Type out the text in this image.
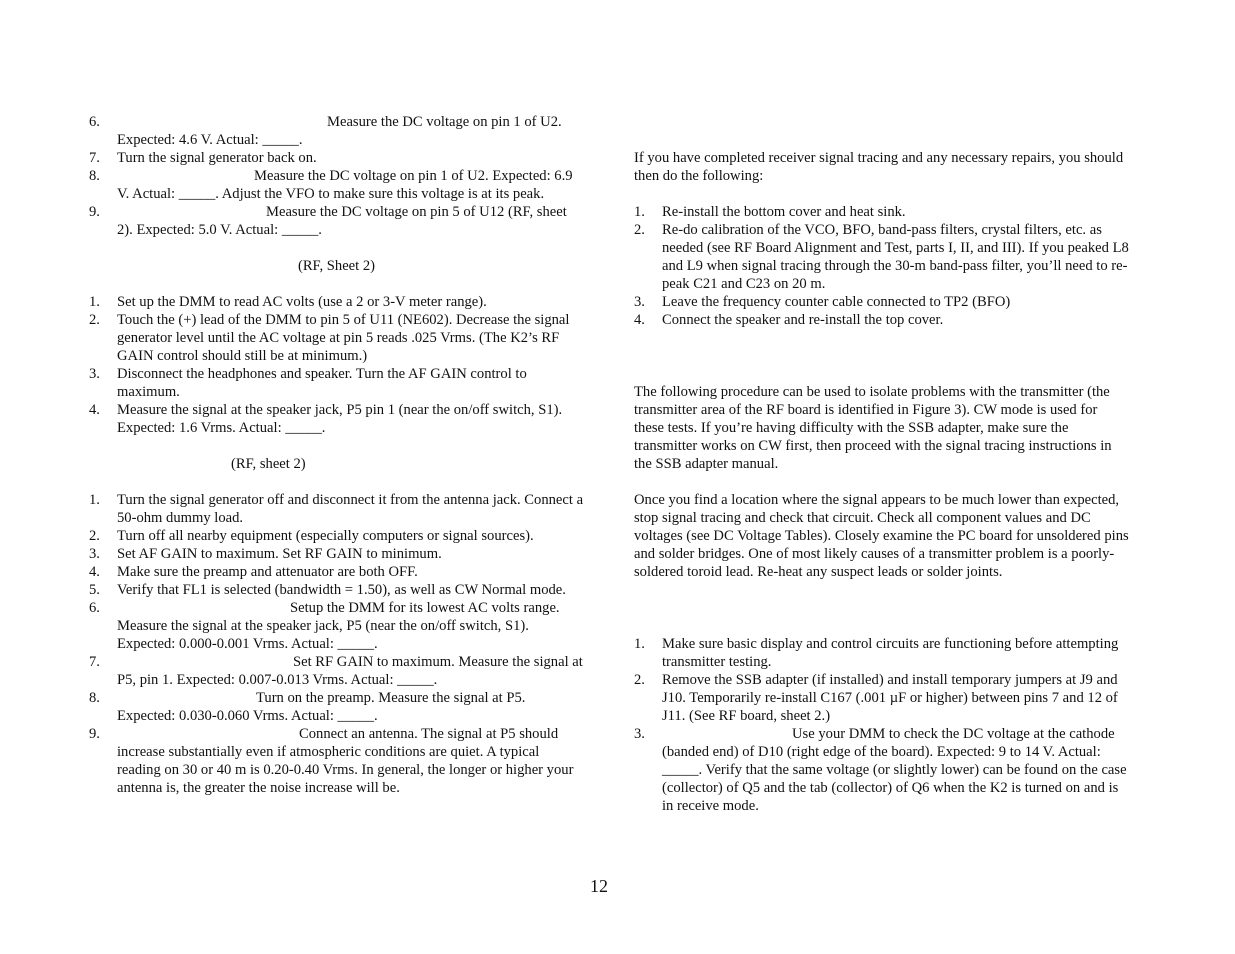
6.	Measure the DC voltage on pin 1 of U2. Expected: 4.6 V. Actual: _____.
7. Turn the signal generator back on.
8.	Measure the DC voltage on pin 1 of U2. Expected: 6.9 V. Actual: _____. Adjust the VFO to make sure this voltage is at its peak.
9.	Measure the DC voltage on pin 5 of U12 (RF, sheet 2). Expected: 5.0 V. Actual: _____.

(RF, Sheet 2)

1. Set up the DMM to read AC volts (use a 2 or 3-V meter range).
2. Touch the (+) lead of the DMM to pin 5 of U11 (NE602). Decrease the signal generator level until the AC voltage at pin 5 reads .025 Vrms. (The K2’s RF GAIN control should still be at minimum.)
3. Disconnect the headphones and speaker. Turn the AF GAIN control to maximum.
4. Measure the signal at the speaker jack, P5 pin 1 (near the on/off switch, S1). Expected: 1.6 Vrms. Actual: _____.

(RF, sheet 2)

1. Turn the signal generator off and disconnect it from the antenna jack. Connect a 50-ohm dummy load.
2. Turn off all nearby equipment (especially computers or signal sources).
3. Set AF GAIN to maximum. Set RF GAIN to minimum.
4. Make sure the preamp and attenuator are both OFF.
5. Verify that FL1 is selected (bandwidth = 1.50), as well as CW Normal mode.
6.	Setup the DMM for its lowest AC volts range. Measure the signal at the speaker jack, P5 (near the on/off switch, S1). Expected: 0.000-0.001 Vrms. Actual: _____.
7.	Set RF GAIN to maximum. Measure the signal at P5, pin 1. Expected: 0.007-0.013 Vrms. Actual: _____.
8.	Turn on the preamp. Measure the signal at P5. Expected: 0.030-0.060 Vrms. Actual: _____.
9.	Connect an antenna. The signal at P5 should increase substantially even if atmospheric conditions are quiet. A typical reading on 30 or 40 m is 0.20-0.40 Vrms. In general, the longer or higher your antenna is, the greater the noise increase will be.

If you have completed receiver signal tracing and any necessary repairs, you should then do the following:

1. Re-install the bottom cover and heat sink.
2. Re-do calibration of the VCO, BFO, band-pass filters, crystal filters, etc. as needed (see RF Board Alignment and Test, parts I, II, and III). If you peaked L8 and L9 when signal tracing through the 30-m band-pass filter, you’ll need to re-peak C21 and C23 on 20 m.
3. Leave the frequency counter cable connected to TP2 (BFO)
4. Connect the speaker and re-install the top cover.

The following procedure can be used to isolate problems with the transmitter (the transmitter area of the RF board is identified in Figure 3). CW mode is used for these tests. If you’re having difficulty with the SSB adapter, make sure the transmitter works on CW first, then proceed with the signal tracing instructions in the SSB adapter manual.

Once you find a location where the signal appears to be much lower than expected, stop signal tracing and check that circuit. Check all component values and DC voltages (see DC Voltage Tables). Closely examine the PC board for unsoldered pins and solder bridges. One of most likely causes of a transmitter problem is a poorly-soldered toroid lead. Re-heat any suspect leads or solder joints.

1. Make sure basic display and control circuits are functioning before attempting transmitter testing.
2. Remove the SSB adapter (if installed) and install temporary jumpers at J9 and J10. Temporarily re-install C167 (.001 µF or higher) between pins 7 and 12 of J11. (See RF board, sheet 2.)
3.	Use your DMM to check the DC voltage at the cathode (banded end) of D10 (right edge of the board). Expected: 9 to 14 V. Actual: _____. Verify that the same voltage (or slightly lower) can be found on the case (collector) of Q5 and the tab (collector) of Q6 when the K2 is turned on and is in receive mode.
12
